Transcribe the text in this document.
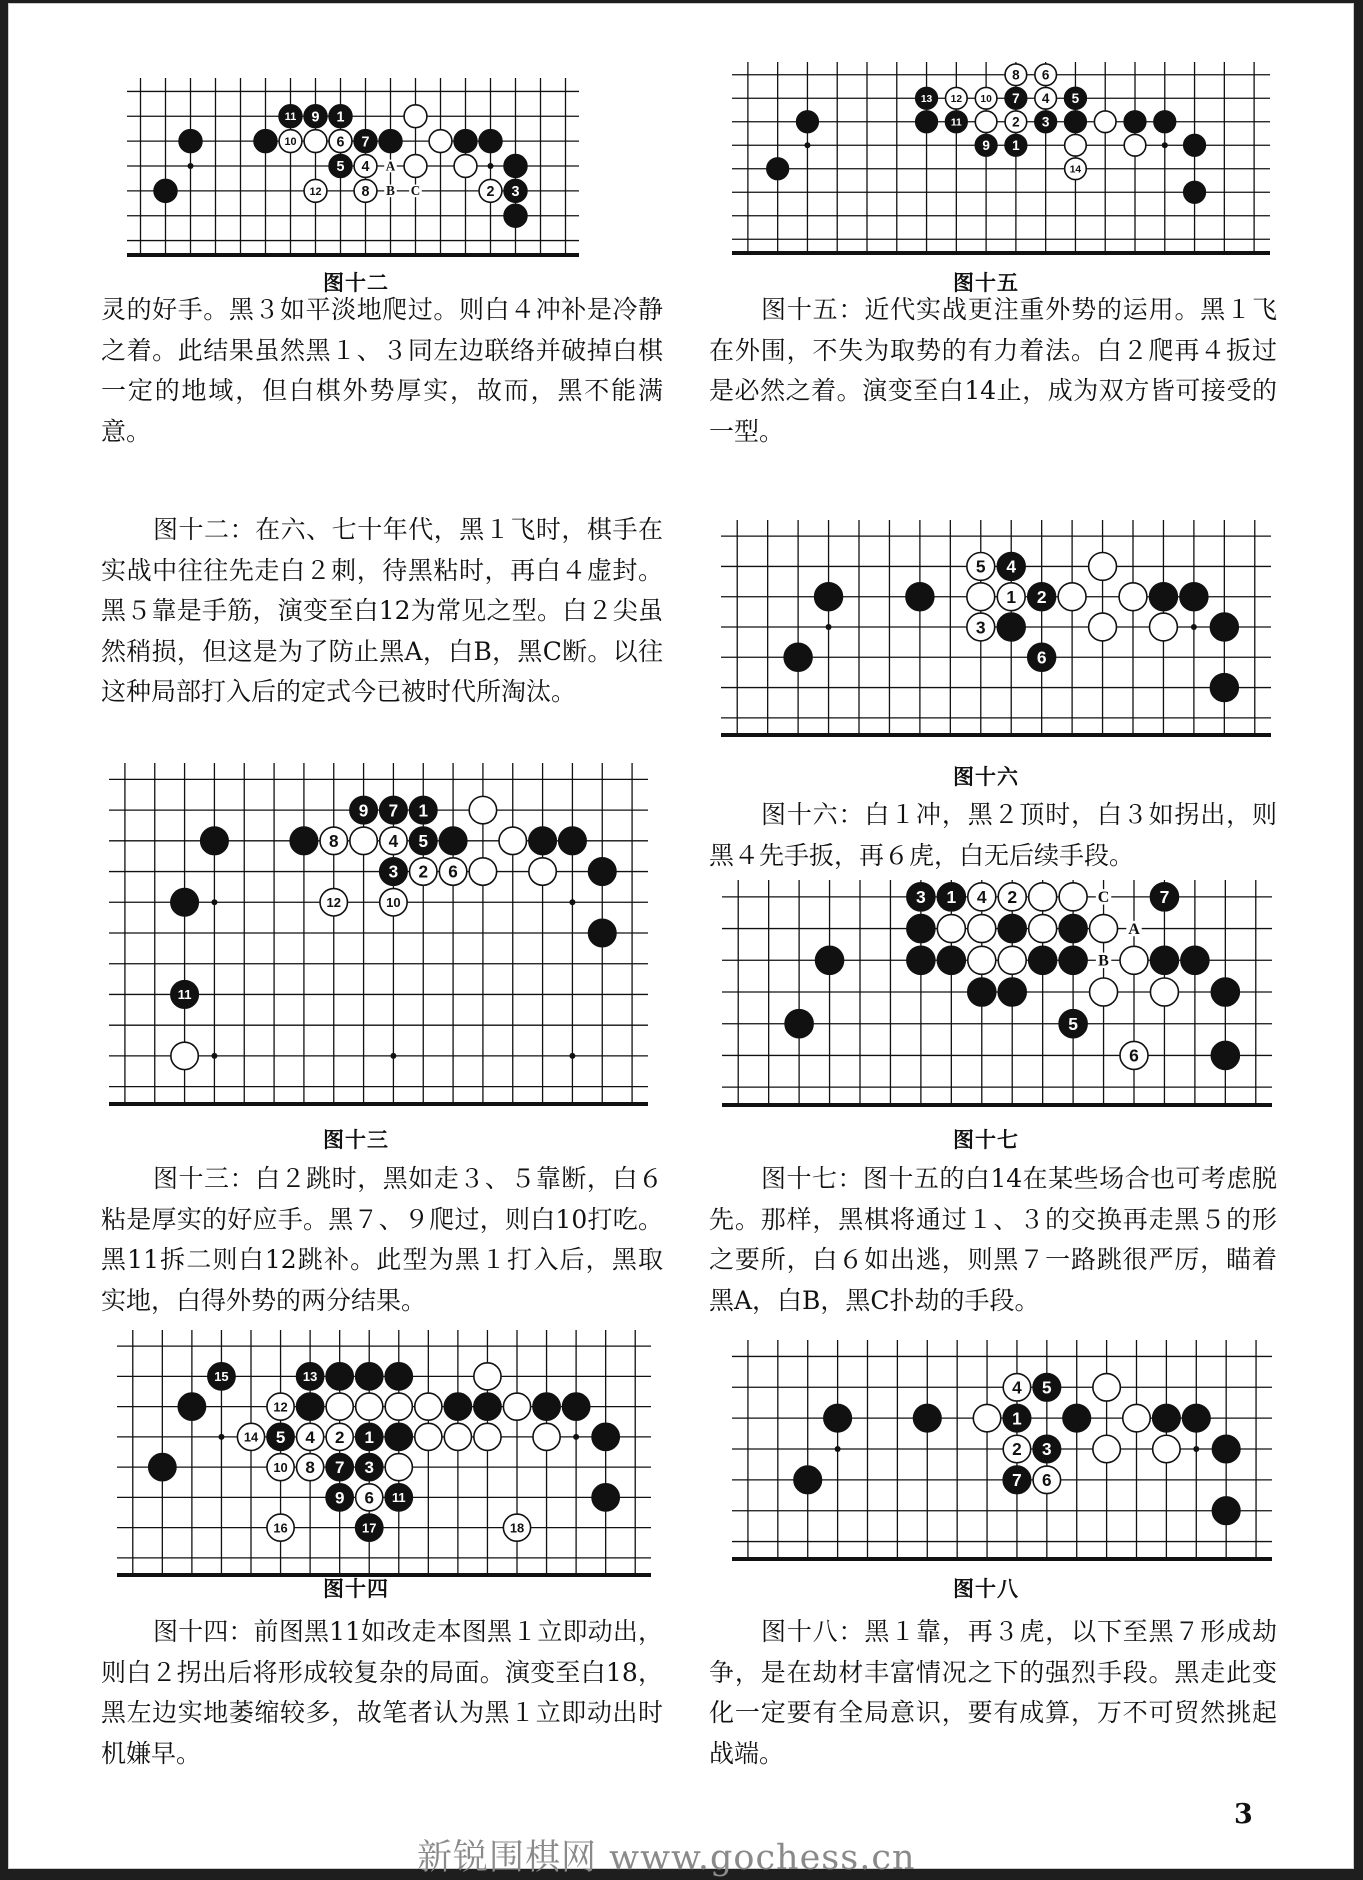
A
B C
11 9 1
10	6 7
5 4
12	8	2 3
图十二
8 6
13 12 10 7 4 5
11	2 3
9 1
14
图十五

灵的好手。黑３如平淡地爬过。则白４冲补是冷静之着。此结果虽然黑１、３同左边联络并破掉白棋一定的地域，但白棋外势厚实，故而，黑不能满意。

图十二：在六、七十年代，黑１飞时，棋手在实战中往往先走白２刺，待黑粘时，再白４虚封。黑５靠是手筋，演变至白12为常见之型。白２尖虽然稍损，但这是为了防止黑A，白B，黑C断。以往这种局部打入后的定式今已被时代所淘汰。

图十五：近代实战更注重外势的运用。黑１飞在外围，不失为取势的有力着法。白２爬再４扳过是必然之着。演变至白14止，成为双方皆可接受的一型。

5 4
1 2
3
6
图十六

图十六：白１冲，黑２顶时，白３如拐出，则黑４先手扳，再６虎，白无后续手段。

9 7 1
8	4 5
3 2 6
12	10
11
图十三
C
A
B
3 1 4 2	7
5
6
图十七

图十三：白２跳时，黑如走３、５靠断，白６粘是厚实的好应手。黑７、９爬过，则白10打吃。黑11拆二则白12跳补。此型为黑１打入后，黑取实地，白得外势的两分结果。

图十七：图十五的白14在某些场合也可考虑脱先。那样，黑棋将通过１、３的交换再走黑５的形之要所，白６如出逃，则黑７一路跳很严厉，瞄着黑A，白B，黑C扑劫的手段。

15	13
12
14 5 4 2 1
10 8 7 3
9 6 11
16	17	18
图十四
4 5
1
2 3
7 6
图十八

图十四：前图黑11如改走本图黑１立即动出，则白２拐出后将形成较复杂的局面。演变至白18，黑左边实地萎缩较多，故笔者认为黑１立即动出时机嫌早。

图十八：黑１靠，再３虎，以下至黑７形成劫争，是在劫材丰富情况之下的强烈手段。黑走此变化一定要有全局意识，要有成算，万不可贸然挑起战端。

3
新锐围棋网 www.gochess.cn
